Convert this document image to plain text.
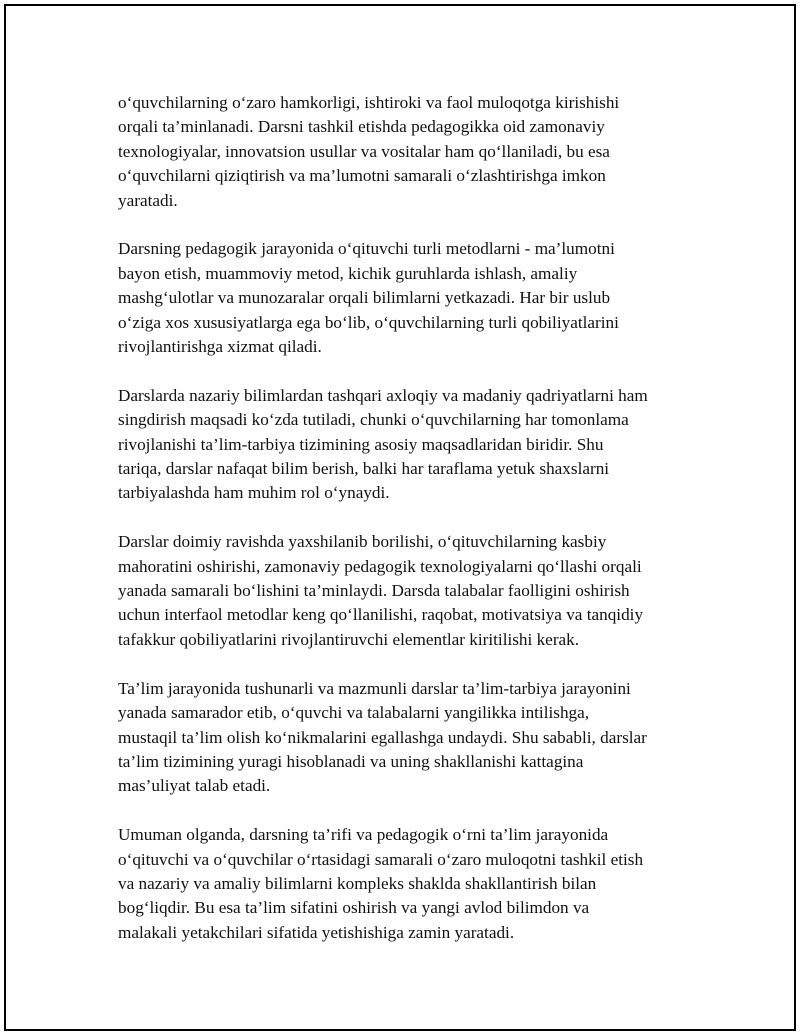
o‘quvchilarning o‘zaro hamkorligi, ishtiroki va faol muloqotga kirishishi
orqali ta’minlanadi. Darsni tashkil etishda pedagogikka oid zamonaviy
texnologiyalar, innovatsion usullar va vositalar ham qo‘llaniladi, bu esa
o‘quvchilarni qiziqtirish va ma’lumotni samarali o‘zlashtirishga imkon
yaratadi.

Darsning pedagogik jarayonida o‘qituvchi turli metodlarni - ma’lumotni
bayon etish, muammoviy metod, kichik guruhlarda ishlash, amaliy
mashg‘ulotlar va munozaralar orqali bilimlarni yetkazadi. Har bir uslub
o‘ziga xos xususiyatlarga ega bo‘lib, o‘quvchilarning turli qobiliyatlarini
rivojlantirishga xizmat qiladi.

Darslarda nazariy bilimlardan tashqari axloqiy va madaniy qadriyatlarni ham
singdirish maqsadi ko‘zda tutiladi, chunki o‘quvchilarning har tomonlama
rivojlanishi ta’lim-tarbiya tizimining asosiy maqsadlaridan biridir. Shu
tariqa, darslar nafaqat bilim berish, balki har taraflama yetuk shaxslarni
tarbiyalashda ham muhim rol o‘ynaydi.

Darslar doimiy ravishda yaxshilanib borilishi, o‘qituvchilarning kasbiy
mahoratini oshirishi, zamonaviy pedagogik texnologiyalarni qo‘llashi orqali
yanada samarali bo‘lishini ta’minlaydi. Darsda talabalar faolligini oshirish
uchun interfaol metodlar keng qo‘llanilishi, raqobat, motivatsiya va tanqidiy
tafakkur qobiliyatlarini rivojlantiruvchi elementlar kiritilishi kerak.

Ta’lim jarayonida tushunarli va mazmunli darslar ta’lim-tarbiya jarayonini
yanada samarador etib, o‘quvchi va talabalarni yangilikka intilishga,
mustaqil ta’lim olish ko‘nikmalarini egallashga undaydi. Shu sababli, darslar
ta’lim tizimining yuragi hisoblanadi va uning shakllanishi kattagina
mas’uliyat talab etadi.

Umuman olganda, darsning ta’rifi va pedagogik o‘rni ta’lim jarayonida
o‘qituvchi va o‘quvchilar o‘rtasidagi samarali o‘zaro muloqotni tashkil etish
va nazariy va amaliy bilimlarni kompleks shaklda shakllantirish bilan
bog‘liqdir. Bu esa ta’lim sifatini oshirish va yangi avlod bilimdon va
malakali yetakchilari sifatida yetishishiga zamin yaratadi.
